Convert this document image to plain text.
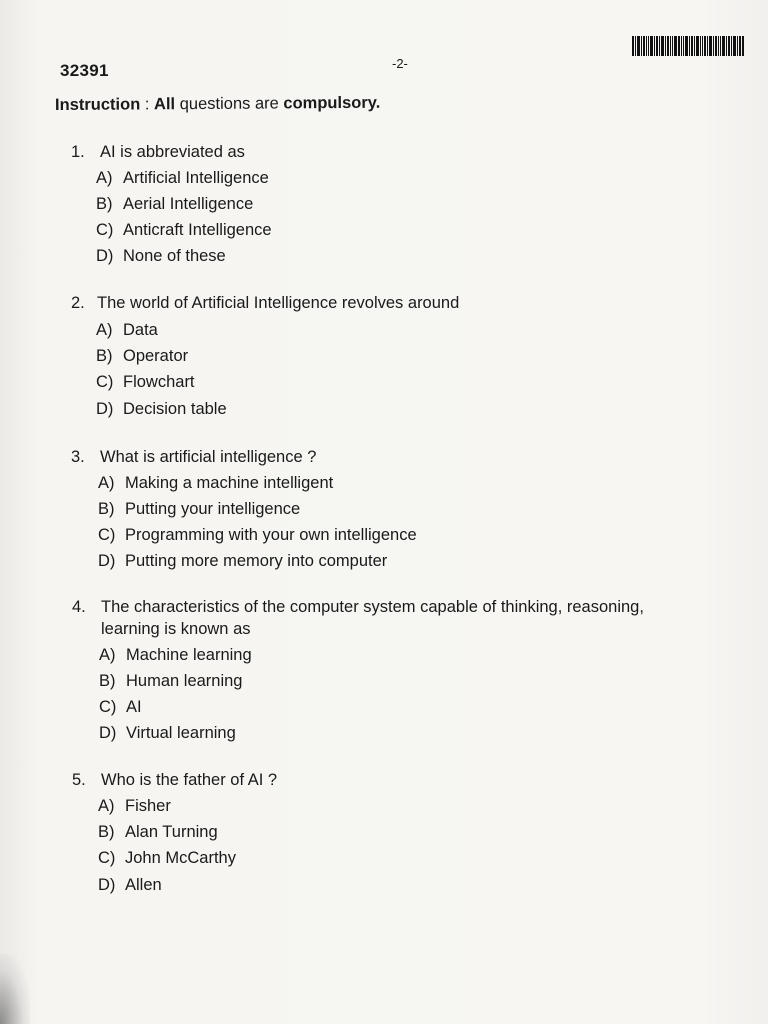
32391	-2-
Instruction : All questions are compulsory.
1. AI is abbreviated as
A) Artificial Intelligence
B) Aerial Intelligence
C) Anticraft Intelligence
D) None of these
2. The world of Artificial Intelligence revolves around
A) Data
B) Operator
C) Flowchart
D) Decision table
3. What is artificial intelligence ?
A) Making a machine intelligent
B) Putting your intelligence
C) Programming with your own intelligence
D) Putting more memory into computer
4. The characteristics of the computer system capable of thinking, reasoning,
learning is known as
A) Machine learning
B) Human learning
C) AI
D) Virtual learning
5. Who is the father of AI ?
A) Fisher
B) Alan Turning
C) John McCarthy
D) Allen
